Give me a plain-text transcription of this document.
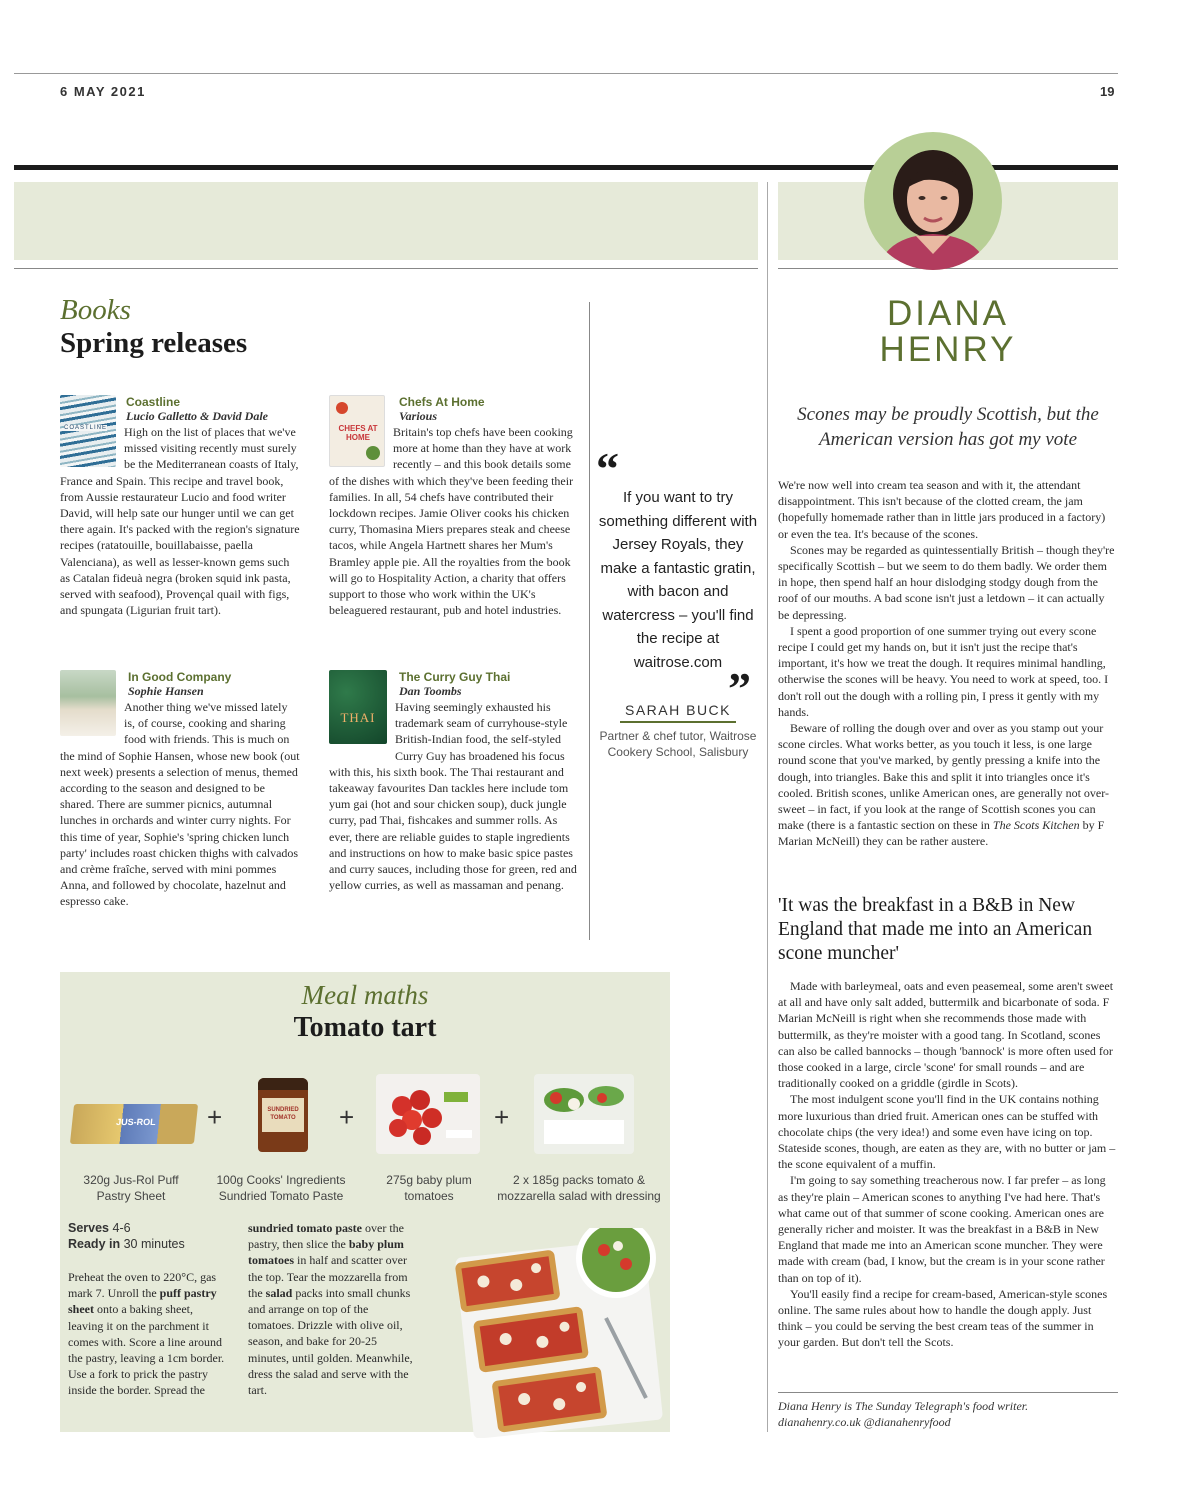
6 MAY 2021	19
Books
Spring releases
COASTLINE
Coastline
Lucio Galletto & David Dale
High on the list of places that we've missed visiting recently must surely be the Mediterranean coasts of Italy, France and Spain. This recipe and travel book, from Aussie restaurateur Lucio and food writer David, will help sate our hunger until we can get there again. It's packed with the region's signature recipes (ratatouille, bouillabaisse, paella Valenciana), as well as lesser-known gems such as Catalan fideuà negra (broken squid ink pasta, served with seafood), Provençal quail with figs, and spungata (Ligurian fruit tart).
CHEFS AT HOME
Chefs At Home
Various
Britain's top chefs have been cooking more at home than they have at work recently – and this book details some of the dishes with which they've been feeding their families. In all, 54 chefs have contributed their lockdown recipes. Jamie Oliver cooks his chicken curry, Thomasina Miers prepares steak and cheese tacos, while Angela Hartnett shares her Mum's Bramley apple pie. All the royalties from the book will go to Hospitality Action, a charity that offers support to those who work within the UK's beleaguered restaurant, pub and hotel industries.
In Good Company
Sophie Hansen
Another thing we've missed lately is, of course, cooking and sharing food with friends. This is much on the mind of Sophie Hansen, whose new book (out next week) presents a selection of menus, themed according to the season and designed to be shared. There are summer picnics, autumnal lunches in orchards and winter curry nights. For this time of year, Sophie's 'spring chicken lunch party' includes roast chicken thighs with calvados and crème fraîche, served with mini pommes Anna, and followed by chocolate, hazelnut and espresso cake.
THAI
The Curry Guy Thai
Dan Toombs
Having seemingly exhausted his trademark seam of curryhouse-style British-Indian food, the self-styled Curry Guy has broadened his focus with this, his sixth book. The Thai restaurant and takeaway favourites Dan tackles here include tom yum gai (hot and sour chicken soup), duck jungle curry, pad Thai, fishcakes and summer rolls. As ever, there are reliable guides to staple ingredients and instructions on how to make basic spice pastes and curry sauces, including those for green, red and yellow curries, as well as massaman and penang.
“
If you want to try something different with Jersey Royals, they make a fantastic gratin, with bacon and watercress – you'll find the recipe at waitrose.com
”
SARAH BUCK
Partner & chef tutor, Waitrose Cookery School, Salisbury
Meal maths
Tomato tart
JUS-ROL +	SUNDRIED TOMATO	+	+
320g Jus-Rol Puff Pastry Sheet
100g Cooks' Ingredients Sundried Tomato Paste
275g baby plum tomatoes
2 x 185g packs tomato & mozzarella salad with dressing
Serves 4-6
Ready in 30 minutes
Preheat the oven to 220°C, gas mark 7. Unroll the puff pastry sheet onto a baking sheet, leaving it on the parchment it comes with. Score a line around the pastry, leaving a 1cm border. Use a fork to prick the pastry inside the border. Spread the
sundried tomato paste over the pastry, then slice the baby plum tomatoes in half and scatter over the top. Tear the mozzarella from the salad packs into small chunks and arrange on top of the tomatoes. Drizzle with olive oil, season, and bake for 20-25 minutes, until golden. Meanwhile, dress the salad and serve with the tart.
DIANA
HENRY
Scones may be proudly Scottish, but the American version has got my vote

We're now well into cream tea season and with it, the attendant disappointment. This isn't because of the clotted cream, the jam (hopefully homemade rather than in little jars produced in a factory) or even the tea. It's because of the scones.

Scones may be regarded as quintessentially British – though they're specifically Scottish – but we seem to do them badly. We order them in hope, then spend half an hour dislodging stodgy dough from the roof of our mouths. A bad scone isn't just a letdown – it can actually be depressing.

I spent a good proportion of one summer trying out every scone recipe I could get my hands on, but it isn't just the recipe that's important, it's how we treat the dough. It requires minimal handling, otherwise the scones will be heavy. You need to work at speed, too. I don't roll out the dough with a rolling pin, I press it gently with my hands.

Beware of rolling the dough over and over as you stamp out your scone circles. What works better, as you touch it less, is one large round scone that you've marked, by gently pressing a knife into the dough, into triangles. Bake this and split it into triangles once it's cooled. British scones, unlike American ones, are generally not over-sweet – in fact, if you look at the range of Scottish scones you can make (there is a fantastic section on these in The Scots Kitchen by F Marian McNeill) they can be rather austere.

'It was the breakfast in a B&B in New England that made me into an American scone muncher'

Made with barleymeal, oats and even peasemeal, some aren't sweet at all and have only salt added, buttermilk and bicarbonate of soda. F Marian McNeill is right when she recommends those made with buttermilk, as they're moister with a good tang. In Scotland, scones can also be called bannocks – though 'bannock' is more often used for those cooked in a large, circle 'scone' for small rounds – and are traditionally cooked on a griddle (girdle in Scots).

The most indulgent scone you'll find in the UK contains nothing more luxurious than dried fruit. American ones can be stuffed with chocolate chips (the very idea!) and some even have icing on top. Stateside scones, though, are eaten as they are, with no butter or jam – the scone equivalent of a muffin.

I'm going to say something treacherous now. I far prefer – as long as they're plain – American scones to anything I've had here. That's what came out of that summer of scone cooking. American ones are generally richer and moister. It was the breakfast in a B&B in New England that made me into an American scone muncher. They were made with cream (bad, I know, but the cream is in your scone rather than on top of it).

You'll easily find a recipe for cream-based, American-style scones online. The same rules about how to handle the dough apply. Just think – you could be serving the best cream teas of the summer in your garden. But don't tell the Scots.

Diana Henry is The Sunday Telegraph's food writer.
dianahenry.co.uk @dianahenryfood
